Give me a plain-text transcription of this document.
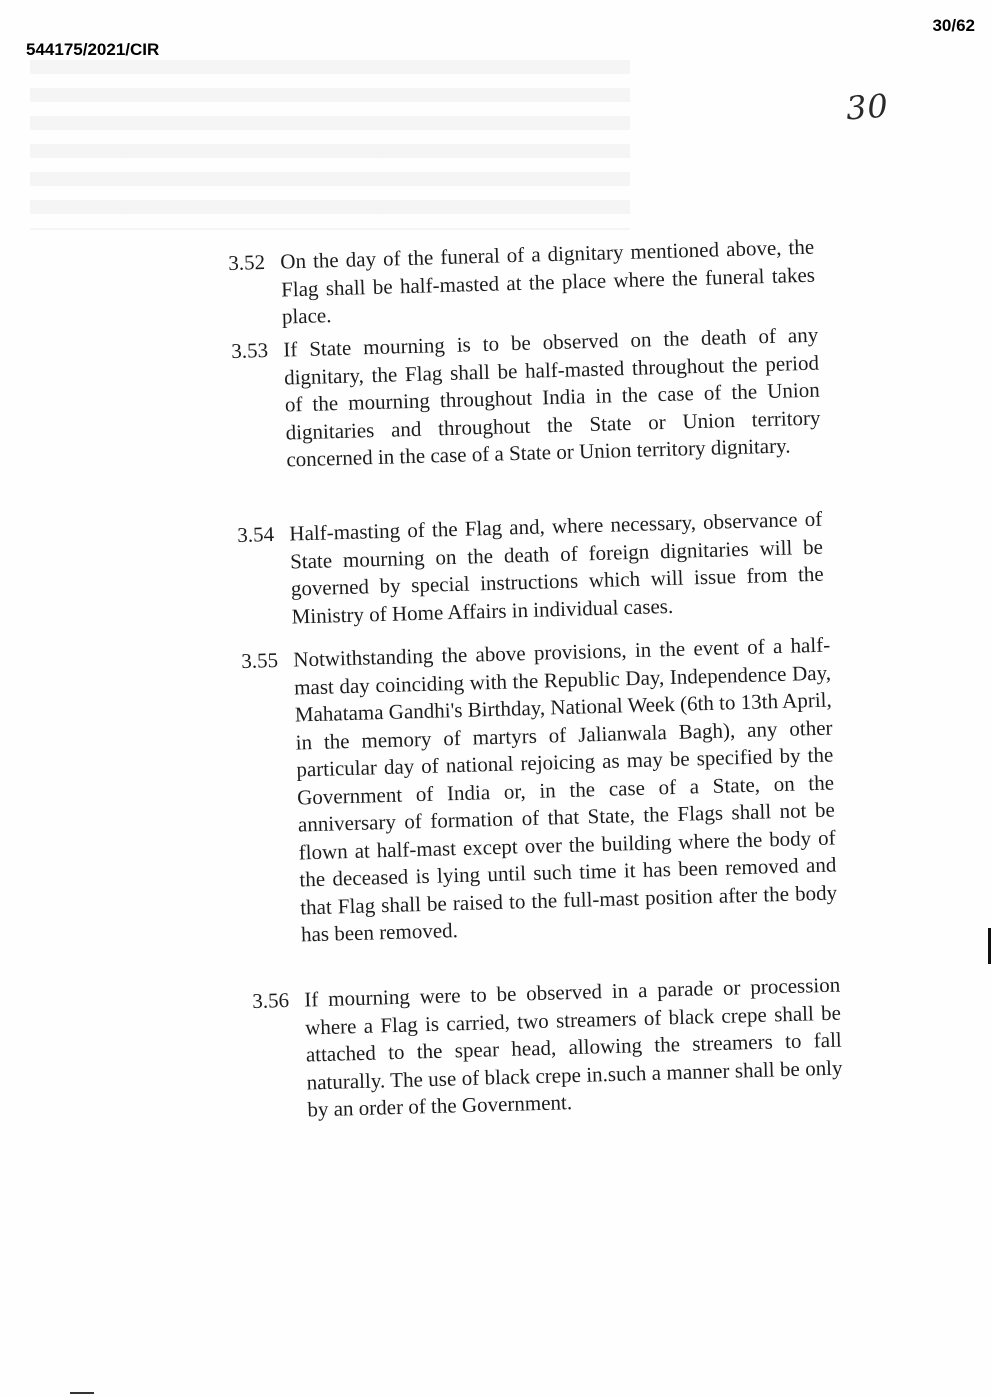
544175/2021/CIR
30/62
30
3.52 On the day of the funeral of a dignitary mentioned above, the Flag shall be half-masted at the place where the funeral takes place.
3.53 If State mourning is to be observed on the death of any dignitary, the Flag shall be half-masted throughout the period of the mourning throughout India in the case of the Union dignitaries and throughout the State or Union territory concerned in the case of a State or Union territory dignitary.
3.54 Half-masting of the Flag and, where necessary, observance of State mourning on the death of foreign dignitaries will be governed by special instructions which will issue from the Ministry of Home Affairs in individual cases.
3.55 Notwithstanding the above provisions, in the event of a half-mast day coinciding with the Republic Day, Independence Day, Mahatama Gandhi's Birthday, National Week (6th to 13th April, in the memory of martyrs of Jalianwala Bagh), any other particular day of national rejoicing as may be specified by the Government of India or, in the case of a State, on the anniversary of formation of that State, the Flags shall not be flown at half-mast except over the building where the body of the deceased is lying until such time it has been removed and that Flag shall be raised to the full-mast position after the body has been removed.
3.56 If mourning were to be observed in a parade or procession where a Flag is carried, two streamers of black crepe shall be attached to the spear head, allowing the streamers to fall naturally. The use of black crepe in.such a manner shall be only by an order of the Government.
